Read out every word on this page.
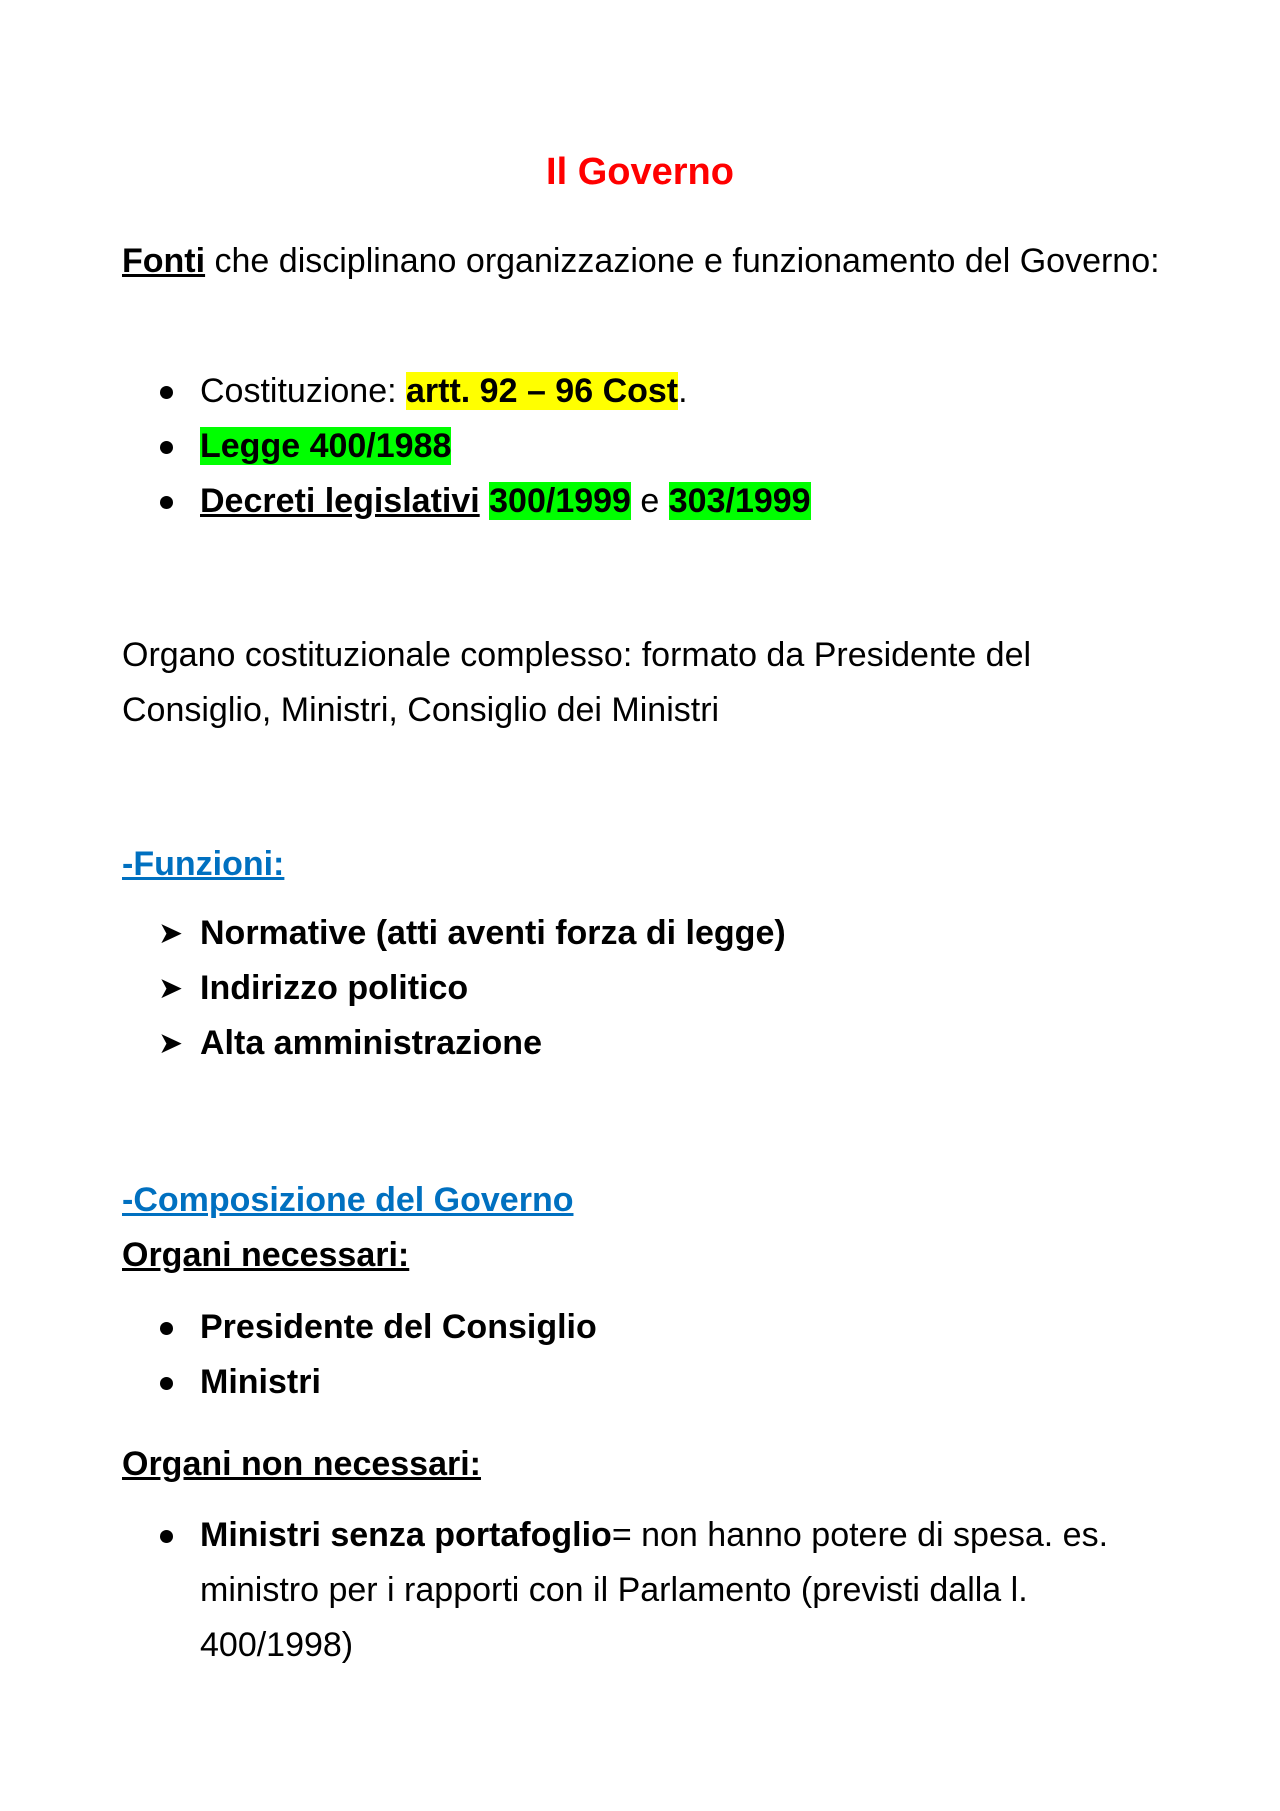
Il Governo
Fonti che disciplinano organizzazione e funzionamento del Governo:
Costituzione: artt. 92 – 96 Cost.
Legge 400/1988
Decreti legislativi 300/1999 e 303/1999
Organo costituzionale complesso: formato da Presidente del Consiglio, Ministri, Consiglio dei Ministri
-Funzioni:
➤ Normative (atti aventi forza di legge)
➤ Indirizzo politico
➤ Alta amministrazione
-Composizione del Governo
Organi necessari:
Presidente del Consiglio
Ministri
Organi non necessari:
Ministri senza portafoglio= non hanno potere di spesa. es. ministro per i rapporti con il Parlamento (previsti dalla l. 400/1998)
